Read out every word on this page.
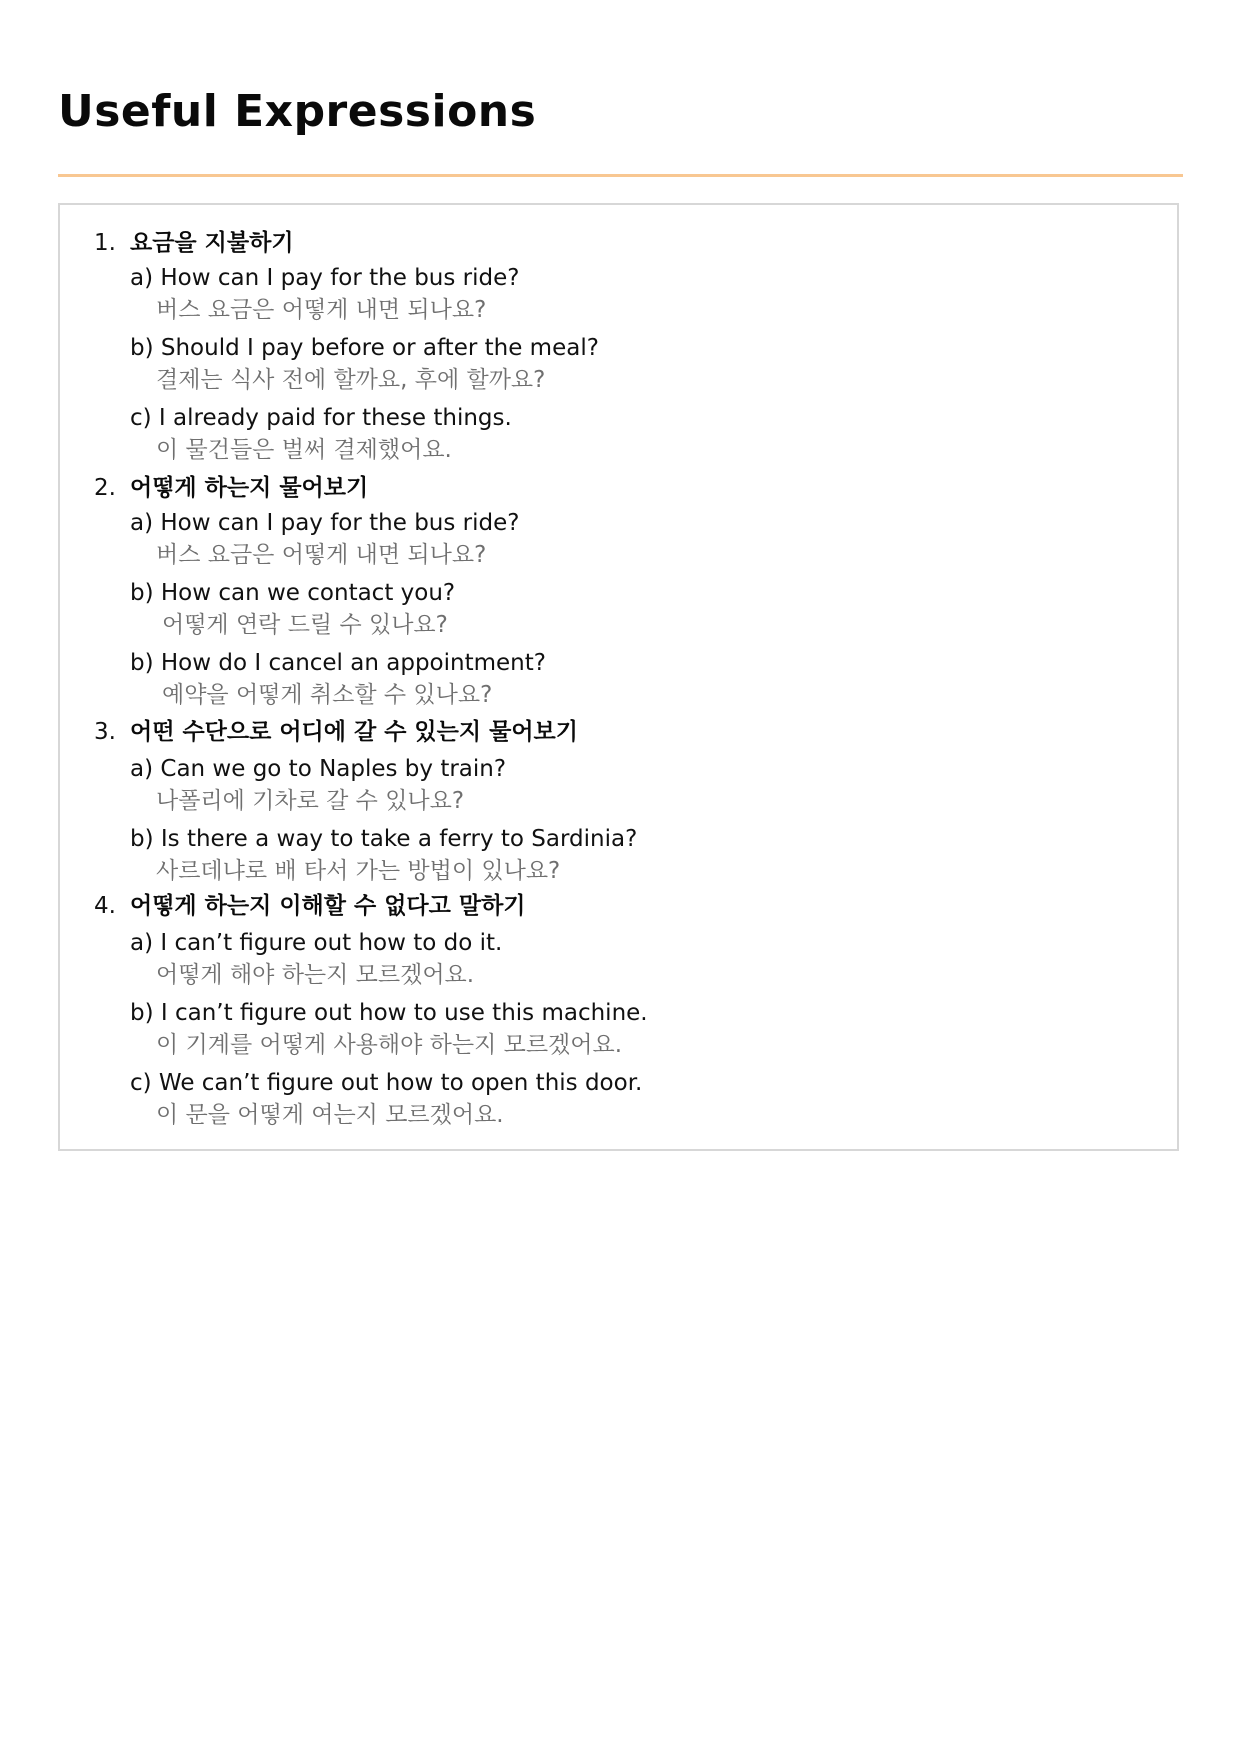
Useful Expressions
1. 요금을 지불하기
a) How can I pay for the bus ride?
버스 요금은 어떻게 내면 되나요?
b) Should I pay before or after the meal?
결제는 식사 전에 할까요, 후에 할까요?
c) I already paid for these things.
이 물건들은 벌써 결제했어요.
2. 어떻게 하는지 물어보기
a) How can I pay for the bus ride?
버스 요금은 어떻게 내면 되나요?
b) How can we contact you?
어떻게 연락 드릴 수 있나요?
b) How do I cancel an appointment?
예약을 어떻게 취소할 수 있나요?
3. 어떤 수단으로 어디에 갈 수 있는지 물어보기
a) Can we go to Naples by train?
나폴리에 기차로 갈 수 있나요?
b) Is there a way to take a ferry to Sardinia?
사르데냐로 배 타서 가는 방법이 있나요?
4. 어떻게 하는지 이해할 수 없다고 말하기
a) I can’t figure out how to do it.
어떻게 해야 하는지 모르겠어요.
b) I can’t figure out how to use this machine.
이 기계를 어떻게 사용해야 하는지 모르겠어요.
c) We can’t figure out how to open this door.
이 문을 어떻게 여는지 모르겠어요.
